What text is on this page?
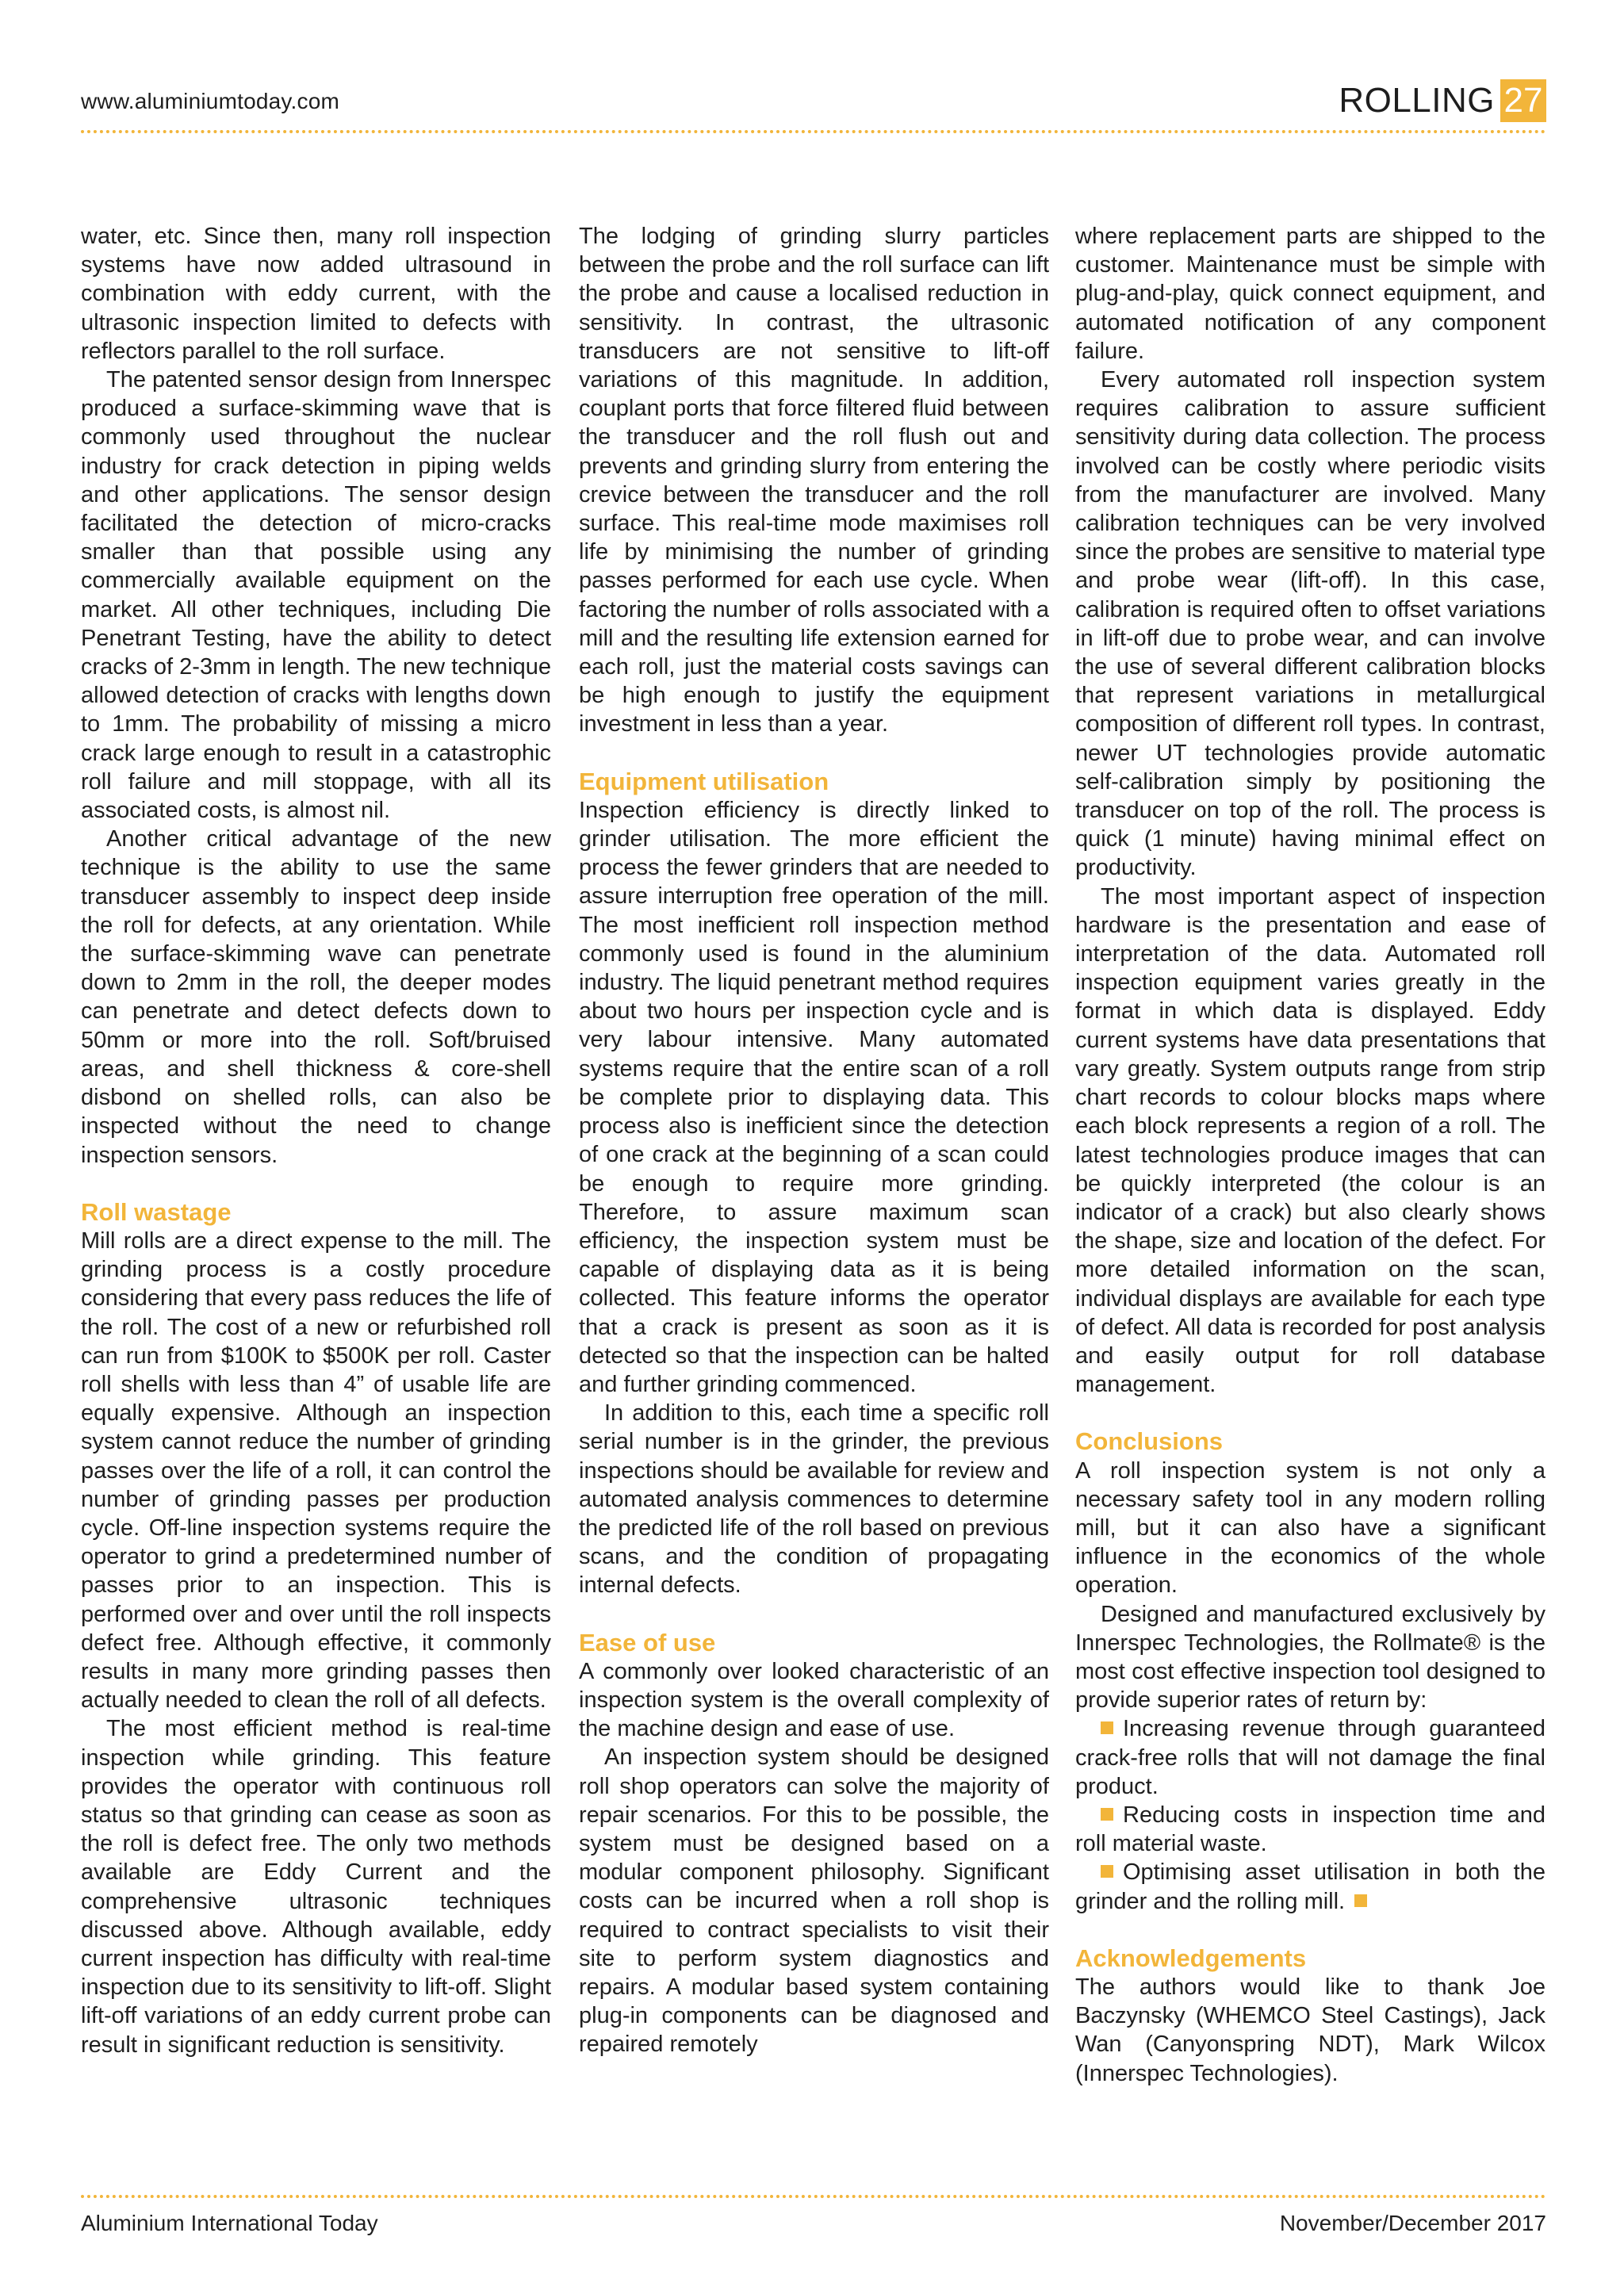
www.aluminiumtoday.com	ROLLING 27

water, etc. Since then, many roll inspection systems have now added ultrasound in combination with eddy current, with the ultrasonic inspection limited to defects with reflectors parallel to the roll surface.

The patented sensor design from Innerspec produced a surface-skimming wave that is commonly used throughout the nuclear industry for crack detection in piping welds and other applications. The sensor design facilitated the detection of micro-cracks smaller than that possible using any commercially available equipment on the market. All other techniques, including Die Penetrant Testing, have the ability to detect cracks of 2-3mm in length. The new technique allowed detection of cracks with lengths down to 1mm. The probability of missing a micro crack large enough to result in a catastrophic roll failure and mill stoppage, with all its associated costs, is almost nil.

Another critical advantage of the new technique is the ability to use the same transducer assembly to inspect deep inside the roll for defects, at any orientation. While the surface-skimming wave can penetrate down to 2mm in the roll, the deeper modes can penetrate and detect defects down to 50mm or more into the roll. Soft/bruised areas, and shell thickness & core-shell disbond on shelled rolls, can also be inspected without the need to change inspection sensors.

Roll wastage

Mill rolls are a direct expense to the mill. The grinding process is a costly procedure considering that every pass reduces the life of the roll. The cost of a new or refurbished roll can run from $100K to $500K per roll. Caster roll shells with less than 4” of usable life are equally expensive. Although an inspection system cannot reduce the number of grinding passes over the life of a roll, it can control the number of grinding passes per production cycle. Off-line inspection systems require the operator to grind a predetermined number of passes prior to an inspection. This is performed over and over until the roll inspects defect free. Although effective, it commonly results in many more grinding passes then actually needed to clean the roll of all defects.

The most efficient method is real-time inspection while grinding. This feature provides the operator with continuous roll status so that grinding can cease as soon as the roll is defect free. The only two methods available are Eddy Current and the comprehensive ultrasonic techniques discussed above. Although available, eddy current inspection has difficulty with real-time inspection due to its sensitivity to lift-off. Slight lift-off variations of an eddy current probe can result in significant reduction is sensitivity.

The lodging of grinding slurry particles between the probe and the roll surface can lift the probe and cause a localised reduction in sensitivity. In contrast, the ultrasonic transducers are not sensitive to lift-off variations of this magnitude. In addition, couplant ports that force filtered fluid between the transducer and the roll flush out and prevents and grinding slurry from entering the crevice between the transducer and the roll surface. This real-time mode maximises roll life by minimising the number of grinding passes performed for each use cycle. When factoring the number of rolls associated with a mill and the resulting life extension earned for each roll, just the material costs savings can be high enough to justify the equipment investment in less than a year.

Equipment utilisation

Inspection efficiency is directly linked to grinder utilisation. The more efficient the process the fewer grinders that are needed to assure interruption free operation of the mill. The most inefficient roll inspection method commonly used is found in the aluminium industry. The liquid penetrant method requires about two hours per inspection cycle and is very labour intensive. Many automated systems require that the entire scan of a roll be complete prior to displaying data. This process also is inefficient since the detection of one crack at the beginning of a scan could be enough to require more grinding. Therefore, to assure maximum scan efficiency, the inspection system must be capable of displaying data as it is being collected. This feature informs the operator that a crack is present as soon as it is detected so that the inspection can be halted and further grinding commenced.

In addition to this, each time a specific roll serial number is in the grinder, the previous inspections should be available for review and automated analysis commences to determine the predicted life of the roll based on previous scans, and the condition of propagating internal defects.

Ease of use

A commonly over looked characteristic of an inspection system is the overall complexity of the machine design and ease of use.

An inspection system should be designed roll shop operators can solve the majority of repair scenarios. For this to be possible, the system must be designed based on a modular component philosophy. Significant costs can be incurred when a roll shop is required to contract specialists to visit their site to perform system diagnostics and repairs. A modular based system containing plug-in components can be diagnosed and repaired remotely

where replacement parts are shipped to the customer. Maintenance must be simple with plug-and-play, quick connect equipment, and automated notification of any component failure.

Every automated roll inspection system requires calibration to assure sufficient sensitivity during data collection. The process involved can be costly where periodic visits from the manufacturer are involved. Many calibration techniques can be very involved since the probes are sensitive to material type and probe wear (lift-off). In this case, calibration is required often to offset variations in lift-off due to probe wear, and can involve the use of several different calibration blocks that represent variations in metallurgical composition of different roll types. In contrast, newer UT technologies provide automatic self-calibration simply by positioning the transducer on top of the roll. The process is quick (1 minute) having minimal effect on productivity.

The most important aspect of inspection hardware is the presentation and ease of interpretation of the data. Automated roll inspection equipment varies greatly in the format in which data is displayed. Eddy current systems have data presentations that vary greatly. System outputs range from strip chart records to colour blocks maps where each block represents a region of a roll. The latest technologies produce images that can be quickly interpreted (the colour is an indicator of a crack) but also clearly shows the shape, size and location of the defect. For more detailed information on the scan, individual displays are available for each type of defect. All data is recorded for post analysis and easily output for roll database management.

Conclusions

A roll inspection system is not only a necessary safety tool in any modern rolling mill, but it can also have a significant influence in the economics of the whole operation.

Designed and manufactured exclusively by Innerspec Technologies, the Rollmate® is the most cost effective inspection tool designed to provide superior rates of return by:

Increasing revenue through guaranteed crack-free rolls that will not damage the final product.

Reducing costs in inspection time and roll material waste.

Optimising asset utilisation in both the grinder and the rolling mill.

Acknowledgements

The authors would like to thank Joe Baczynsky (WHEMCO Steel Castings), Jack Wan (Canyonspring NDT), Mark Wilcox (Innerspec Technologies).

Aluminium International Today	November/December 2017
